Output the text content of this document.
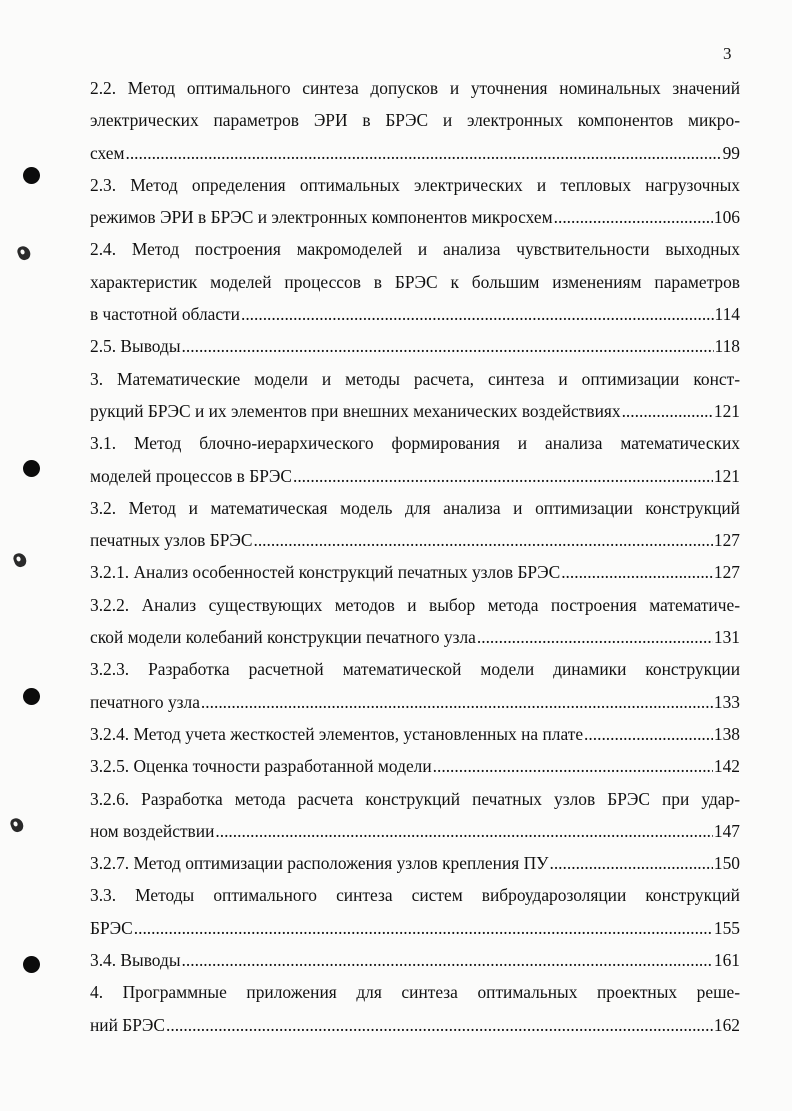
3
2.2. Метод оптимального синтеза допусков и уточнения номинальных значений
электрических параметров ЭРИ в БРЭС и электронных компонентов микро-
схем .....	99
2.3. Метод определения оптимальных электрических и тепловых нагрузочных
режимов ЭРИ в БРЭС и электронных компонентов микросхем .....	106
2.4. Метод построения макромоделей и анализа чувствительности выходных
характеристик моделей процессов в БРЭС к большим изменениям параметров
в частотной области .....	114
2.5. Выводы .....	118
3. Математические модели и методы расчета, синтеза и оптимизации конст-
рукций БРЭС и их элементов при внешних механических воздействиях .....	121
3.1. Метод блочно-иерархического формирования и анализа математических
моделей процессов в БРЭС .....	121
3.2. Метод и математическая модель для анализа и оптимизации конструкций
печатных узлов БРЭС .....	127
3.2.1. Анализ особенностей конструкций печатных узлов БРЭС .....	127
3.2.2. Анализ существующих методов и выбор метода построения математиче-
ской модели колебаний конструкции печатного узла .....	131
3.2.3. Разработка расчетной математической модели динамики конструкции
печатного узла .....	133
3.2.4. Метод учета жесткостей элементов, установленных на плате .....	138
3.2.5. Оценка точности разработанной модели .....	142
3.2.6. Разработка метода расчета конструкций печатных узлов БРЭС при удар-
ном воздействии .....	147
3.2.7. Метод оптимизации расположения узлов крепления ПУ .....	150
3.3. Методы оптимального синтеза систем виброударозоляции конструкций
БРЭС .....	155
3.4. Выводы .....	161
4. Программные приложения для синтеза оптимальных проектных реше-
ний БРЭС .....	162
